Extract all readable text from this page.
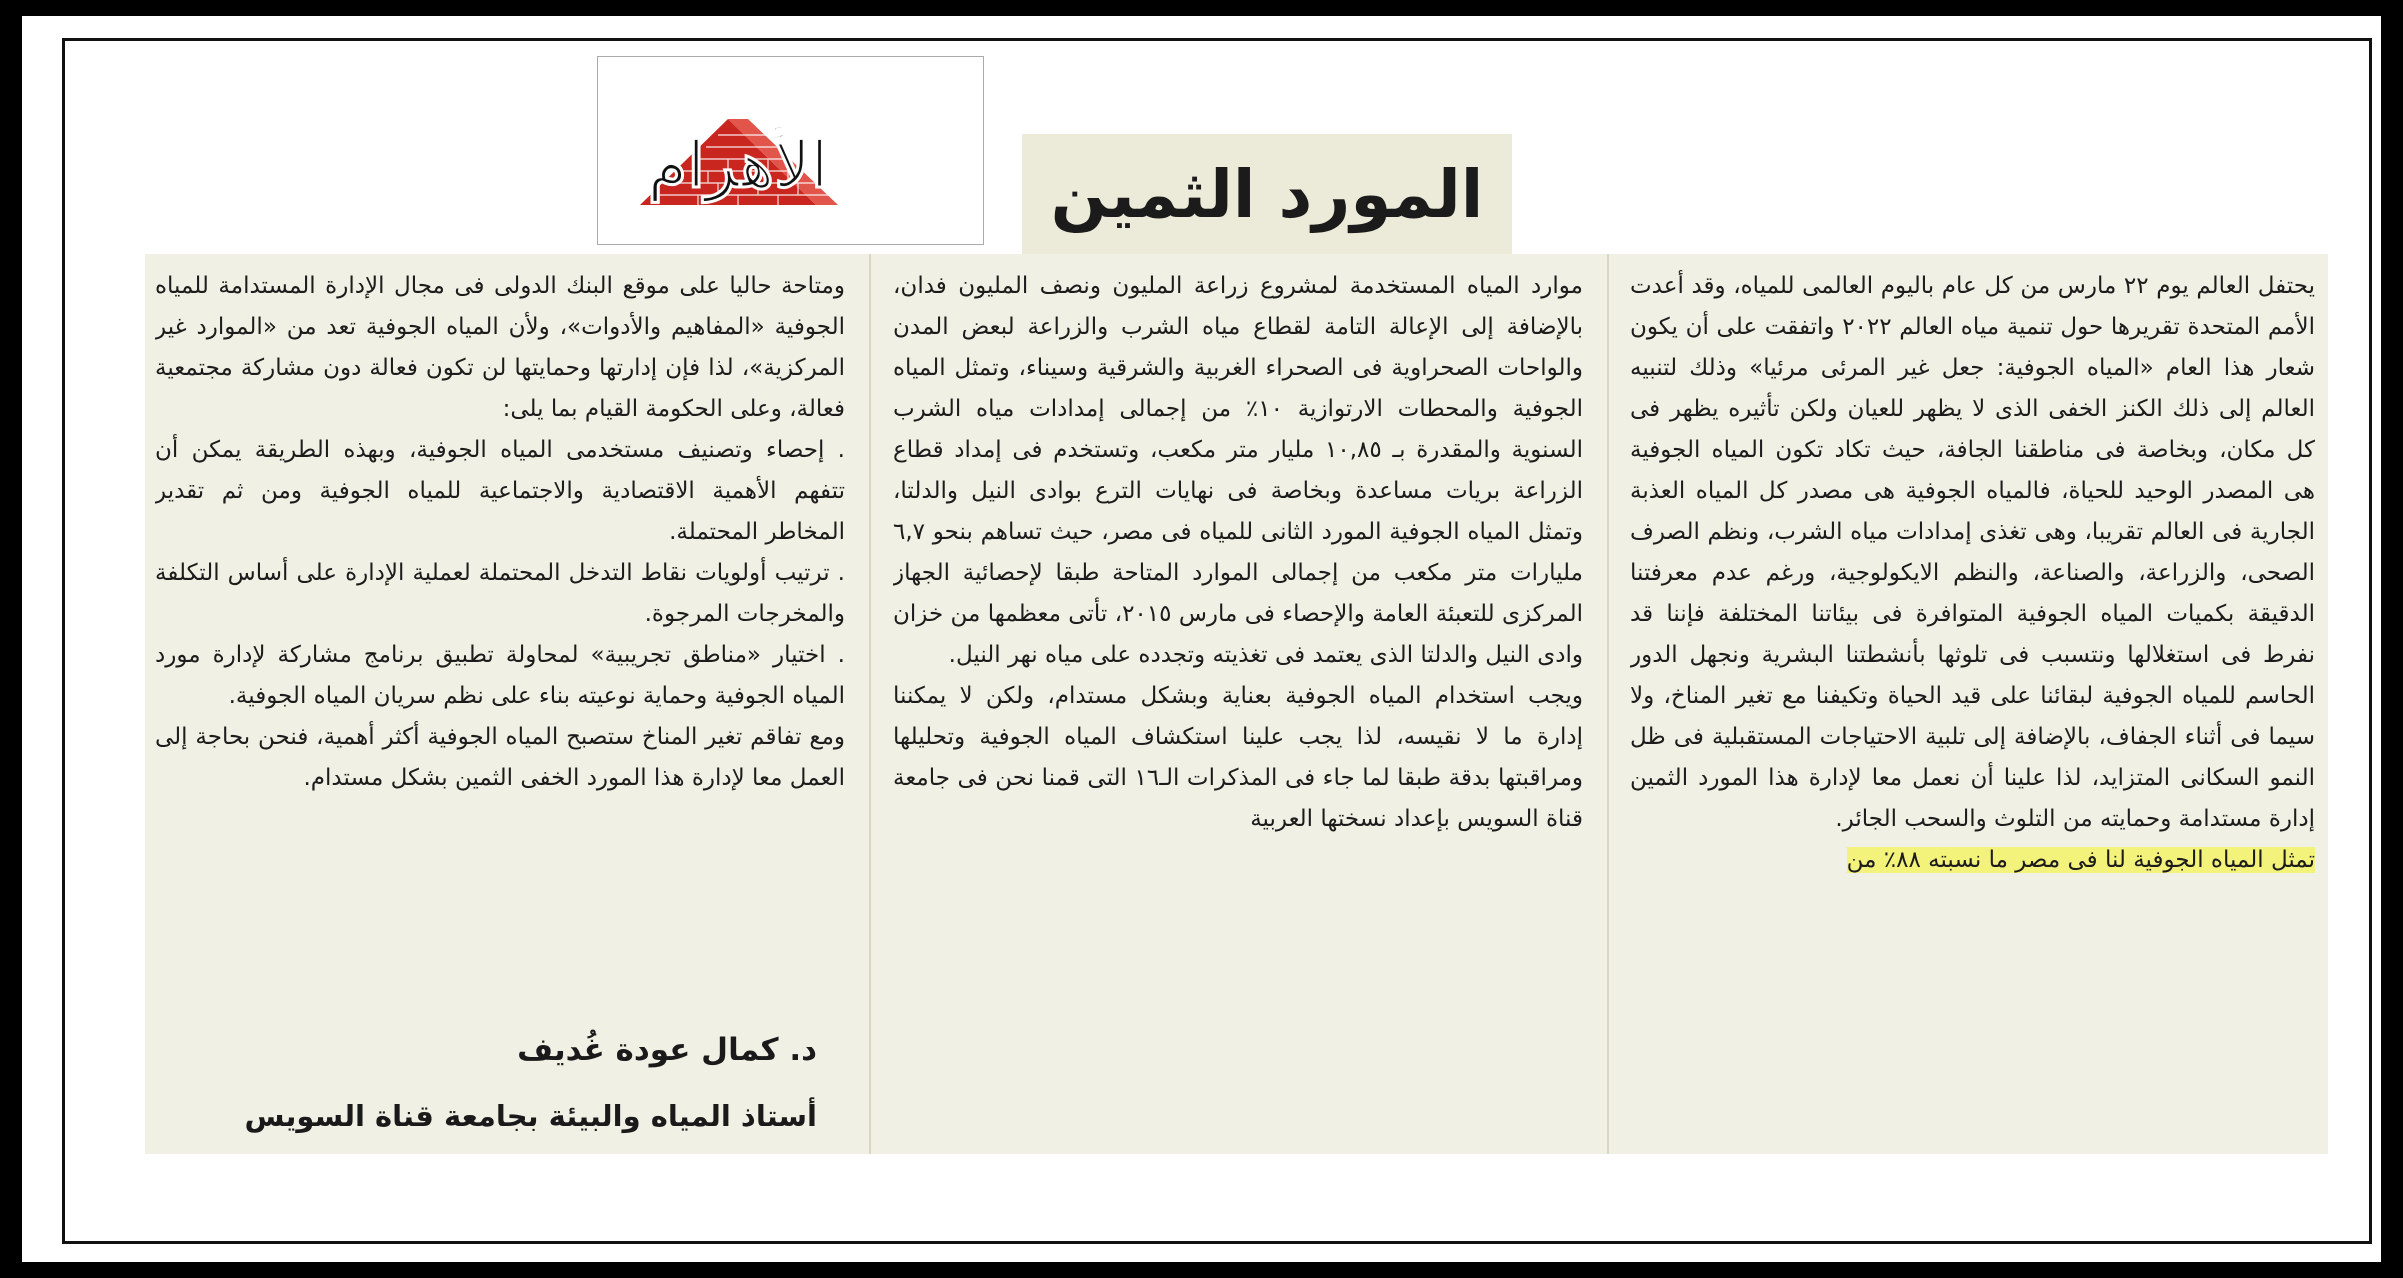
الأهرام	المورد الثمين

يحتفل العالم يوم ٢٢ مارس من كل عام باليوم العالمى للمياه، وقد أعدت الأمم المتحدة تقريرها حول تنمية مياه العالم ٢٠٢٢ واتفقت على أن يكون شعار هذا العام «المياه الجوفية: جعل غير المرئى مرئيا» وذلك لتنبيه العالم إلى ذلك الكنز الخفى الذى لا يظهر للعيان ولكن تأثيره يظهر فى كل مكان، وبخاصة فى مناطقنا الجافة، حيث تكاد تكون المياه الجوفية هى المصدر الوحيد للحياة، فالمياه الجوفية هى مصدر كل المياه العذبة الجارية فى العالم تقريبا، وهى تغذى إمدادات مياه الشرب، ونظم الصرف الصحى، والزراعة، والصناعة، والنظم الايكولوجية، ورغم عدم معرفتنا الدقيقة بكميات المياه الجوفية المتوافرة فى بيئاتنا المختلفة فإننا قد نفرط فى استغلالها ونتسبب فى تلوثها بأنشطتنا البشرية ونجهل الدور الحاسم للمياه الجوفية لبقائنا على قيد الحياة وتكيفنا مع تغير المناخ، ولا سيما فى أثناء الجفاف، بالإضافة إلى تلبية الاحتياجات المستقبلية فى ظل النمو السكانى المتزايد، لذا علينا أن نعمل معا لإدارة هذا المورد الثمين إدارة مستدامة وحمايته من التلوث والسحب الجائر.

تمثل المياه الجوفية لنا فى مصر ما نسبته ٨٨٪ من

موارد المياه المستخدمة لمشروع زراعة المليون ونصف المليون فدان، بالإضافة إلى الإعالة التامة لقطاع مياه الشرب والزراعة لبعض المدن والواحات الصحراوية فى الصحراء الغربية والشرقية وسيناء، وتمثل المياه الجوفية والمحطات الارتوازية ١٠٪ من إجمالى إمدادات مياه الشرب السنوية والمقدرة بـ ١٠,٨٥ مليار متر مكعب، وتستخدم فى إمداد قطاع الزراعة بريات مساعدة وبخاصة فى نهايات الترع بوادى النيل والدلتا، وتمثل المياه الجوفية المورد الثانى للمياه فى مصر، حيث تساهم بنحو ٦,٧ مليارات متر مكعب من إجمالى الموارد المتاحة طبقا لإحصائية الجهاز المركزى للتعبئة العامة والإحصاء فى مارس ٢٠١٥، تأتى معظمها من خزان وادى النيل والدلتا الذى يعتمد فى تغذيته وتجدده على مياه نهر النيل.

ويجب استخدام المياه الجوفية بعناية وبشكل مستدام، ولكن لا يمكننا إدارة ما لا نقيسه، لذا يجب علينا استكشاف المياه الجوفية وتحليلها ومراقبتها بدقة طبقا لما جاء فى المذكرات الـ١٦ التى قمنا نحن فى جامعة قناة السويس بإعداد نسختها العربية

ومتاحة حاليا على موقع البنك الدولى فى مجال الإدارة المستدامة للمياه الجوفية «المفاهيم والأدوات»، ولأن المياه الجوفية تعد من «الموارد غير المركزية»، لذا فإن إدارتها وحمايتها لن تكون فعالة دون مشاركة مجتمعية فعالة، وعلى الحكومة القيام بما يلى:

. إحصاء وتصنيف مستخدمى المياه الجوفية، وبهذه الطريقة يمكن أن تتفهم الأهمية الاقتصادية والاجتماعية للمياه الجوفية ومن ثم تقدير المخاطر المحتملة.

. ترتيب أولويات نقاط التدخل المحتملة لعملية الإدارة على أساس التكلفة والمخرجات المرجوة.

. اختيار «مناطق تجريبية» لمحاولة تطبيق برنامج مشاركة لإدارة مورد المياه الجوفية وحماية نوعيته بناء على نظم سريان المياه الجوفية.

ومع تفاقم تغير المناخ ستصبح المياه الجوفية أكثر أهمية، فنحن بحاجة إلى العمل معا لإدارة هذا المورد الخفى الثمين بشكل مستدام.

د. كمال عودة غُديف
أستاذ المياه والبيئة بجامعة قناة السويس
